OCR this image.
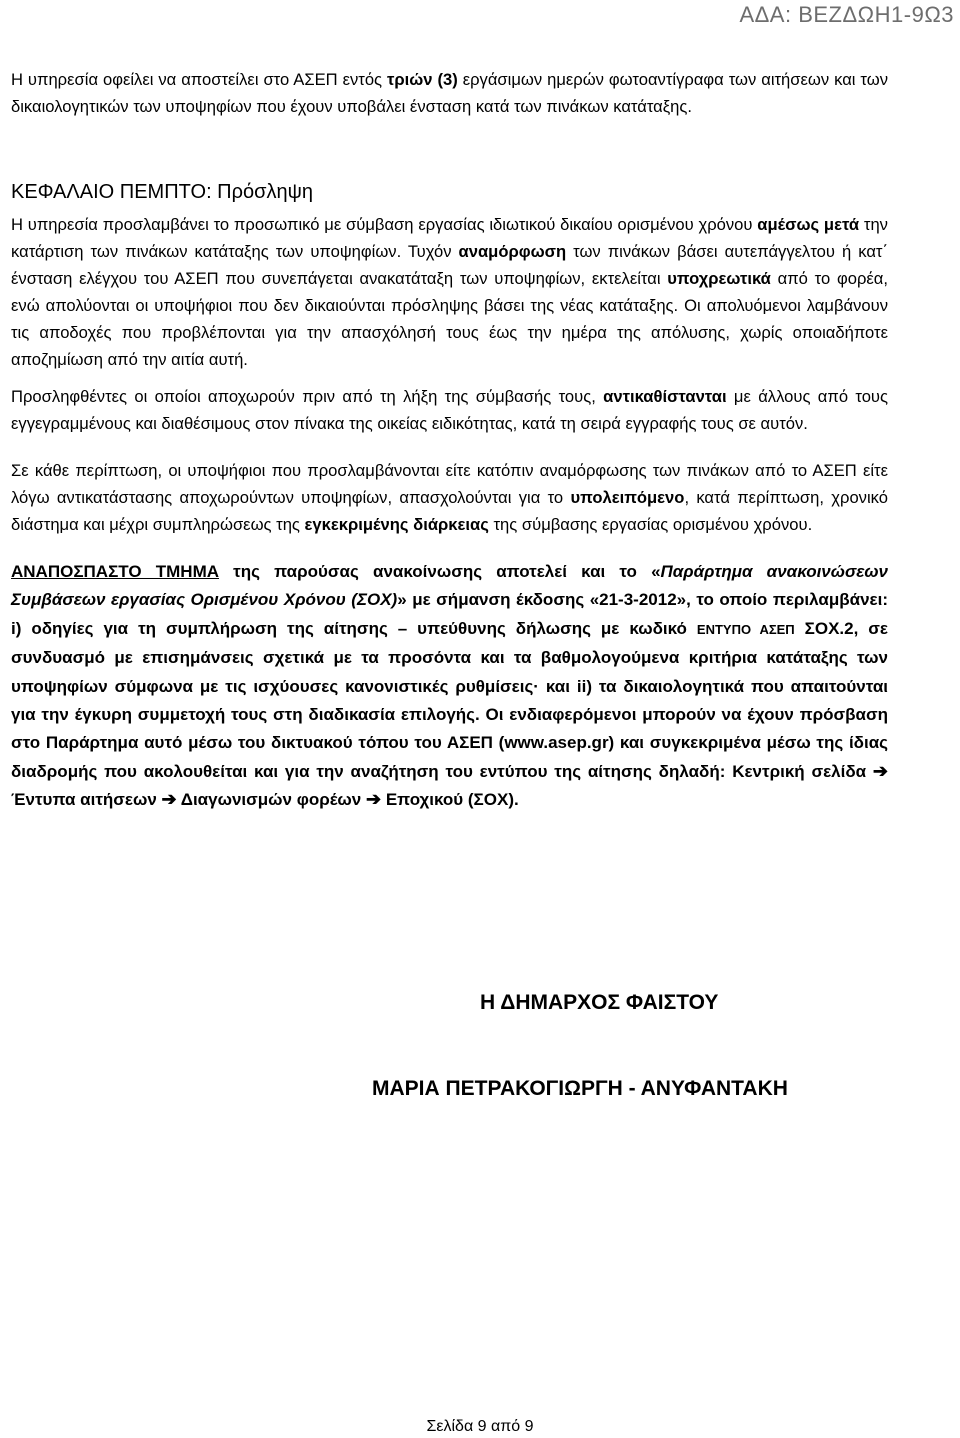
ΑΔΑ: ΒΕΖΔΩΗ1-9Ω3

Η υπηρεσία οφείλει να αποστείλει στο ΑΣΕΠ εντός τριών (3) εργάσιμων ημερών φωτοαντίγραφα των αιτήσεων και των δικαιολογητικών των υποψηφίων που έχουν υποβάλει ένσταση κατά των πινάκων κατάταξης.

ΚΕΦΑΛΑΙΟ ΠΕΜΠΤΟ: Πρόσληψη

Η υπηρεσία προσλαμβάνει το προσωπικό με σύμβαση εργασίας ιδιωτικού δικαίου ορισμένου χρόνου αμέσως μετά την κατάρτιση των πινάκων κατάταξης των υποψηφίων. Τυχόν αναμόρφωση των πινάκων βάσει αυτεπάγγελτου ή κατ΄ ένσταση ελέγχου του ΑΣΕΠ που συνεπάγεται ανακατάταξη των υποψηφίων, εκτελείται υποχρεωτικά από το φορέα, ενώ απολύονται οι υποψήφιοι που δεν δικαιούνται πρόσληψης βάσει της νέας κατάταξης. Οι απολυόμενοι λαμβάνουν τις αποδοχές που προβλέπονται για την απασχόλησή τους έως την ημέρα της απόλυσης, χωρίς οποιαδήποτε αποζημίωση από την αιτία αυτή.

Προσληφθέντες οι οποίοι αποχωρούν πριν από τη λήξη της σύμβασής τους, αντικαθίστανται με άλλους από τους εγγεγραμμένους και διαθέσιμους στον πίνακα της οικείας ειδικότητας, κατά τη σειρά εγγραφής τους σε αυτόν.

Σε κάθε περίπτωση, οι υποψήφιοι που προσλαμβάνονται είτε κατόπιν αναμόρφωσης των πινάκων από το ΑΣΕΠ είτε λόγω αντικατάστασης αποχωρούντων υποψηφίων, απασχολούνται για το υπολειπόμενο, κατά περίπτωση, χρονικό διάστημα και μέχρι συμπληρώσεως της εγκεκριμένης διάρκειας της σύμβασης εργασίας ορισμένου χρόνου.

ΑΝΑΠΟΣΠΑΣΤΟ ΤΜΗΜΑ της παρούσας ανακοίνωσης αποτελεί και το «Παράρτημα ανακοινώσεων Συμβάσεων εργασίας Ορισμένου Χρόνου (ΣΟΧ)» με σήμανση έκδοσης «21-3-2012», το οποίο περιλαμβάνει: i) οδηγίες για τη συμπλήρωση της αίτησης – υπεύθυνης δήλωσης με κωδικό ΕΝΤΥΠΟ ΑΣΕΠ ΣΟΧ.2, σε συνδυασμό με επισημάνσεις σχετικά με τα προσόντα και τα βαθμολογούμενα κριτήρια κατάταξης των υποψηφίων σύμφωνα με τις ισχύουσες κανονιστικές ρυθμίσεις· και ii) τα δικαιολογητικά που απαιτούνται για την έγκυρη συμμετοχή τους στη διαδικασία επιλογής. Οι ενδιαφερόμενοι μπορούν να έχουν πρόσβαση στο Παράρτημα αυτό μέσω του δικτυακού τόπου του ΑΣΕΠ (www.asep.gr) και συγκεκριμένα μέσω της ίδιας διαδρομής που ακολουθείται και για την αναζήτηση του εντύπου της αίτησης δηλαδή: Κεντρική σελίδα ➔ Έντυπα αιτήσεων ➔ Διαγωνισμών φορέων ➔ Εποχικού (ΣΟΧ).
Η ΔΗΜΑΡΧΟΣ ΦΑΙΣΤΟΥ
ΜΑΡΙΑ ΠΕΤΡΑΚΟΓΙΩΡΓΗ - ΑΝΥΦΑΝΤΑΚΗ
Σελίδα 9 από 9
